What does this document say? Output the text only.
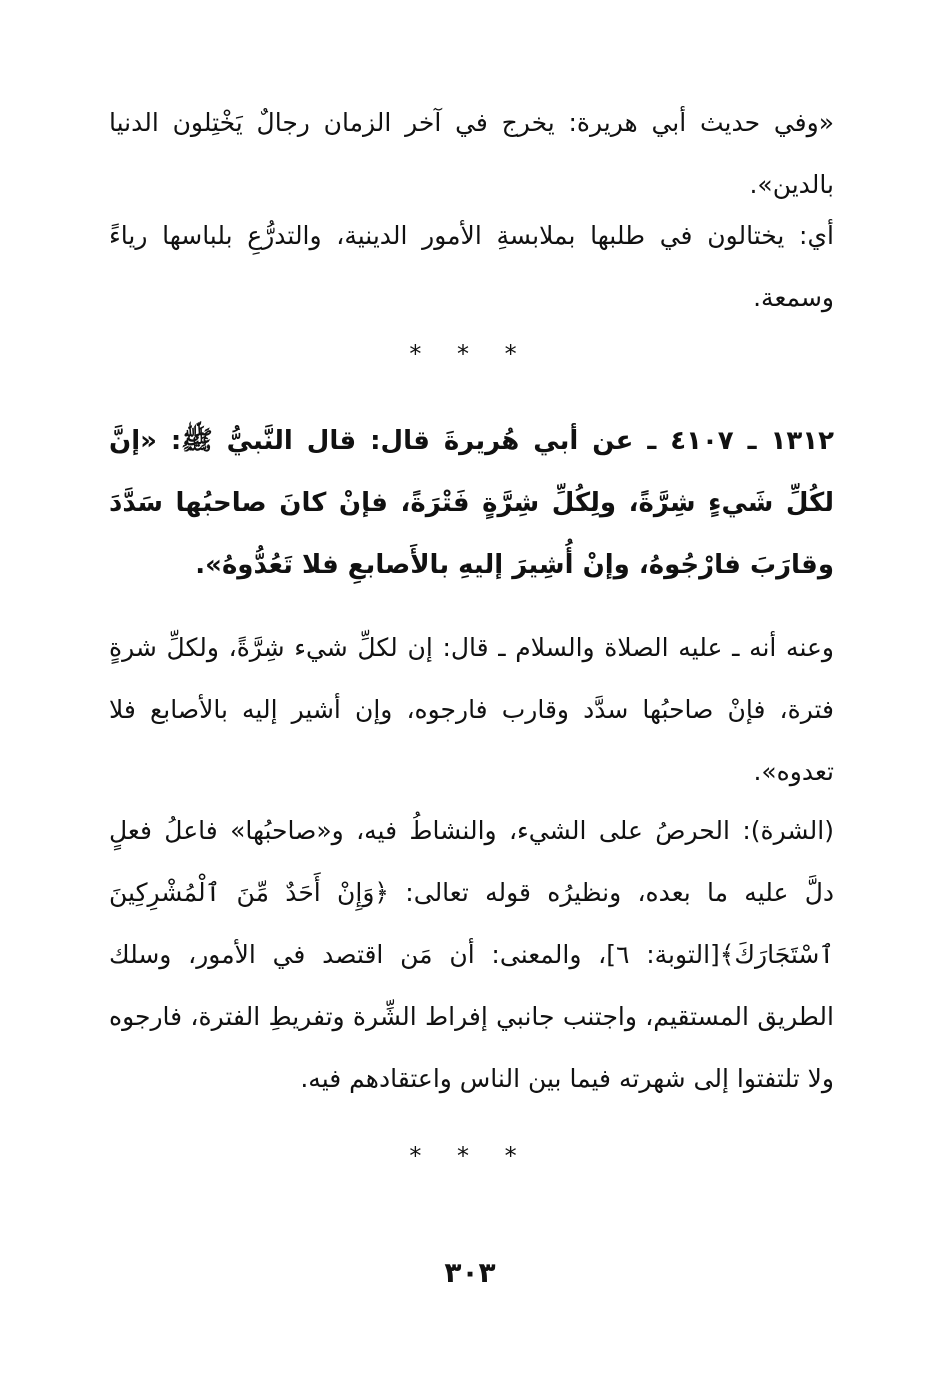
«وفي حديث أبي هريرة: يخرج في آخر الزمان رجالٌ يَخْتِلون الدنيا بالدين».

أي: يختالون في طلبها بملابسةِ الأمور الدينية، والتدرُّعِ بلباسها رياءً وسمعة.

* * *

١٣١٢ ـ ٤١٠٧ ـ عن أبي هُريرةَ قال: قال النَّبيُّ ﷺ: «إنَّ لكُلِّ شَيءٍ شِرَّةً، ولِكُلِّ شِرَّةٍ فَتْرَةً، فإنْ كانَ صاحبُها سَدَّدَ وقارَبَ فارْجُوهُ، وإنْ أُشِيرَ إليهِ بالأَصابعِ فلا تَعُدُّوهُ».

وعنه أنه ـ عليه الصلاة والسلام ـ قال: إن لكلِّ شيء شِرَّةً، ولكلِّ شرةٍ فترة، فإنْ صاحبُها سدَّد وقارب فارجوه، وإن أشير إليه بالأصابع فلا تعدوه».

(الشرة): الحرصُ على الشيء، والنشاطُ فيه، و«صاحبُها» فاعلُ فعلٍ دلَّ عليه ما بعده، ونظيرُه قوله تعالى: ﴿وَإِنْ أَحَدٌ مِّنَ ٱلْمُشْرِكِينَ ٱسْتَجَارَكَ﴾[التوبة: ٦]، والمعنى: أن مَن اقتصد في الأمور، وسلك الطريق المستقيم، واجتنب جانبي إفراط الشِّرة وتفريطِ الفترة، فارجوه ولا تلتفتوا إلى شهرته فيما بين الناس واعتقادهم فيه.

* * *
٣٠٣
